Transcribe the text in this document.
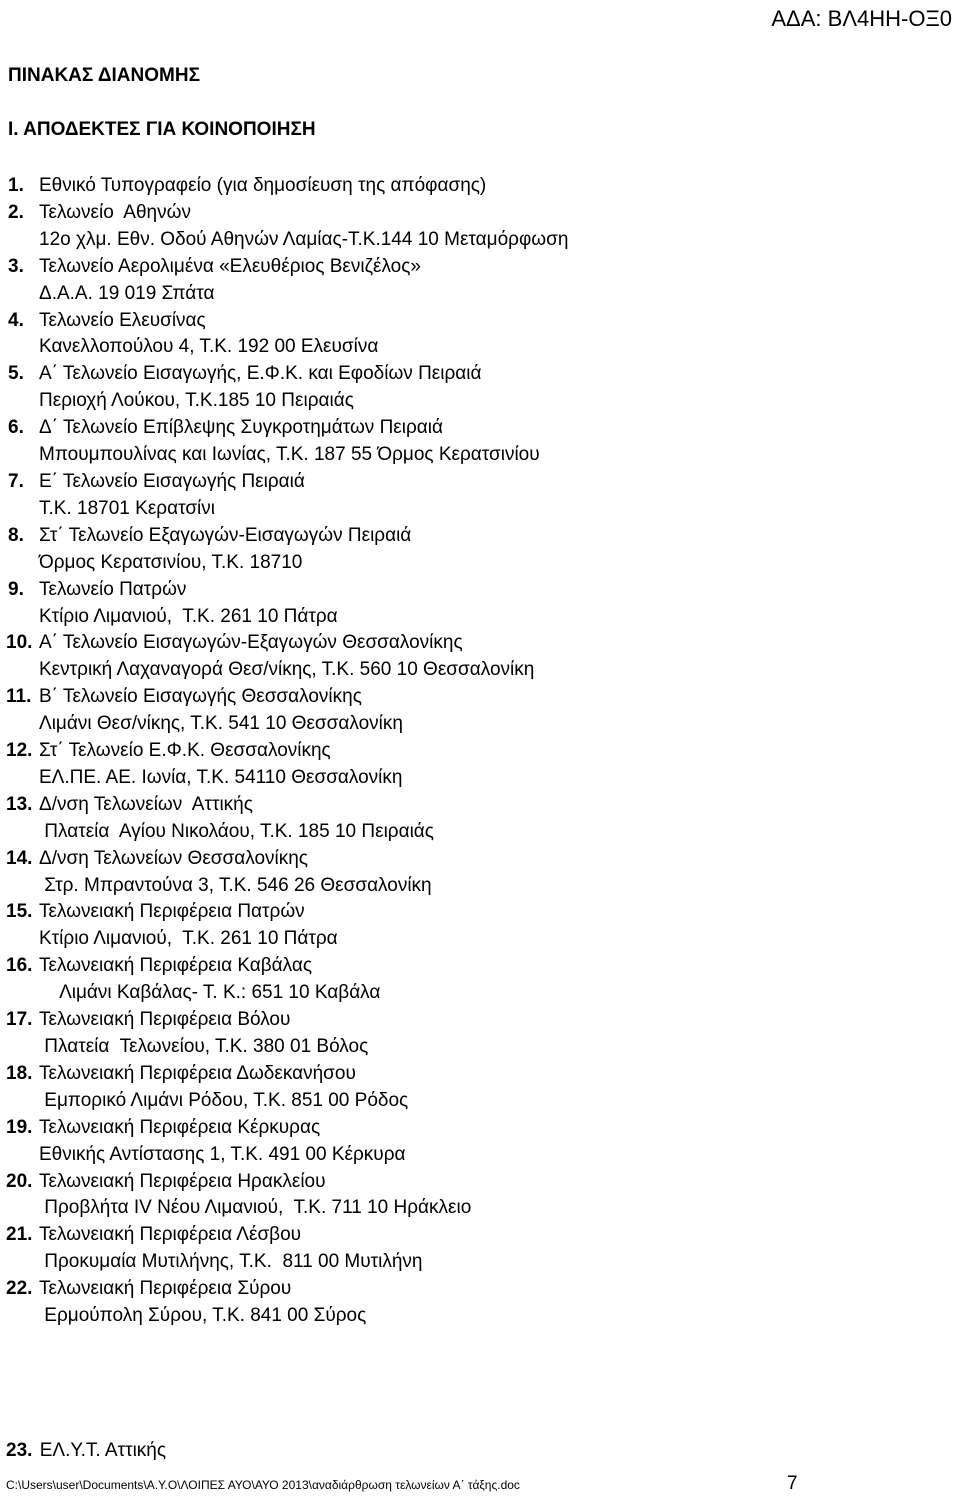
ΑΔΑ: ΒΛ4ΗΗ-ΟΞ0
ΠΙΝΑΚΑΣ ΔΙΑΝΟΜΗΣ
Ι. ΑΠΟΔΕΚΤΕΣ ΓΙΑ ΚΟΙΝΟΠΟΙΗΣΗ
1. Εθνικό Τυπογραφείο (για δημοσίευση της απόφασης)
2. Τελωνείο  Αθηνών
12ο χλμ. Εθν. Οδού Αθηνών Λαμίας-Τ.Κ.144 10 Μεταμόρφωση
3. Τελωνείο Αερολιμένα «Ελευθέριος Βενιζέλος»
Δ.Α.Α. 19 019 Σπάτα
4. Τελωνείο Ελευσίνας
Κανελλοπούλου 4, Τ.Κ. 192 00 Ελευσίνα
5. Α΄ Τελωνείο Εισαγωγής, Ε.Φ.Κ. και Εφοδίων Πειραιά
Περιοχή Λούκου, Τ.Κ.185 10 Πειραιάς
6. Δ΄ Τελωνείο Επίβλεψης Συγκροτημάτων Πειραιά
Μπουμπουλίνας και Ιωνίας, Τ.Κ. 187 55 Όρμος Κερατσινίου
7. Ε΄ Τελωνείο Εισαγωγής Πειραιά
Τ.Κ. 18701 Κερατσίνι
8. Στ΄ Τελωνείο Εξαγωγών-Εισαγωγών Πειραιά
Όρμος Κερατσινίου, Τ.Κ. 18710
9. Τελωνείο Πατρών
Κτίριο Λιμανιού,  Τ.Κ. 261 10 Πάτρα
10. Α΄ Τελωνείο Εισαγωγών-Εξαγωγών Θεσσαλονίκης
Κεντρική Λαχαναγορά Θεσ/νίκης, Τ.Κ. 560 10 Θεσσαλονίκη
11. Β΄ Τελωνείο Εισαγωγής Θεσσαλονίκης
Λιμάνι Θεσ/νίκης, Τ.Κ. 541 10 Θεσσαλονίκη
12. Στ΄ Τελωνείο Ε.Φ.Κ. Θεσσαλονίκης
ΕΛ.ΠΕ. ΑΕ. Ιωνία, Τ.Κ. 54110 Θεσσαλονίκη
13. Δ/νση Τελωνείων  Αττικής
Πλατεία  Αγίου Νικολάου, Τ.Κ. 185 10 Πειραιάς
14. Δ/νση Τελωνείων Θεσσαλονίκης
Στρ. Μπραντούνα 3, Τ.Κ. 546 26 Θεσσαλονίκη
15. Τελωνειακή Περιφέρεια Πατρών
Κτίριο Λιμανιού,  Τ.Κ. 261 10 Πάτρα
16. Τελωνειακή Περιφέρεια Καβάλας
Λιμάνι Καβάλας- Τ. Κ.: 651 10 Καβάλα
17. Τελωνειακή Περιφέρεια Βόλου
Πλατεία  Τελωνείου, Τ.Κ. 380 01 Βόλος
18. Τελωνειακή Περιφέρεια Δωδεκανήσου
Εμπορικό Λιμάνι Ρόδου, Τ.Κ. 851 00 Ρόδος
19. Τελωνειακή Περιφέρεια Κέρκυρας
Εθνικής Αντίστασης 1, Τ.Κ. 491 00 Κέρκυρα
20. Τελωνειακή Περιφέρεια Ηρακλείου
Προβλήτα IV Νέου Λιμανιού,  Τ.Κ. 711 10 Ηράκλειο
21. Τελωνειακή Περιφέρεια Λέσβου
Προκυμαία Μυτιλήνης, Τ.Κ.  811 00 Μυτιλήνη
22. Τελωνειακή Περιφέρεια Σύρου
Ερμούπολη Σύρου, Τ.Κ. 841 00 Σύρος
23. ΕΛ.Υ.Τ. Αττικής
C:\Users\user\Documents\Α.Υ.Ο\ΛΟΙΠΕΣ ΑΥΟ\ΑΥΟ 2013\αναδιάρθρωση τελωνείων Α΄ τάξης.doc	7
